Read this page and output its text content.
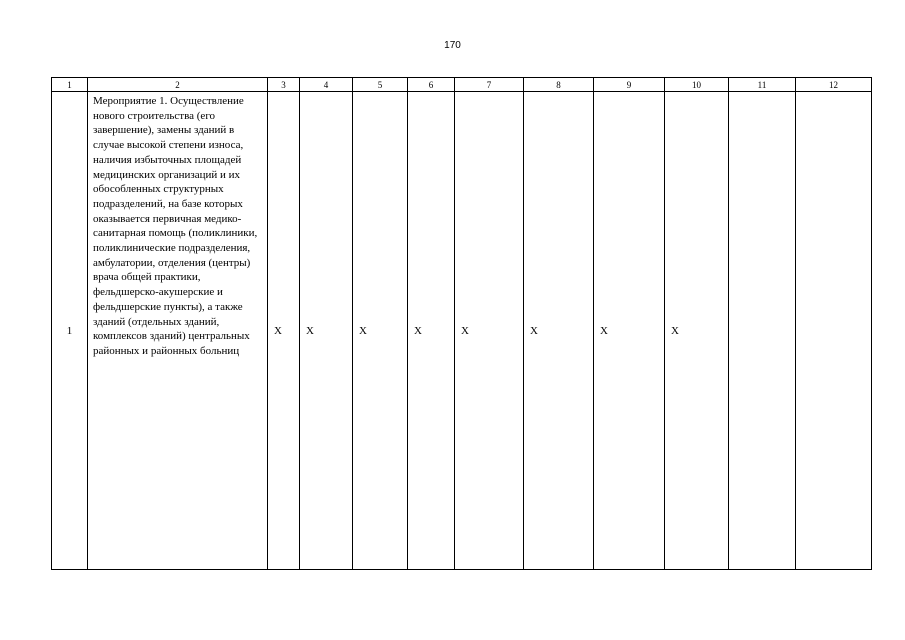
170
1	2	3	4	5	6	7	8	9	10	11	12
1	Мероприятие 1. Осуществление нового строительства (его завершение), замены зданий в случае высокой степени износа, наличия избыточных площадей медицинских организаций и их обособленных структурных подразделений, на базе которых оказывается первичная медико-санитарная помощь (поликлиники, поликлинические подразделения, амбулатории, отделения (центры) врача общей практики, фельдшерско-акушерские и фельдшерские пункты), а также зданий (отдельных зданий, комплексов зданий) центральных районных и районных больниц	Х	Х	Х	Х	Х	Х	Х	Х		
